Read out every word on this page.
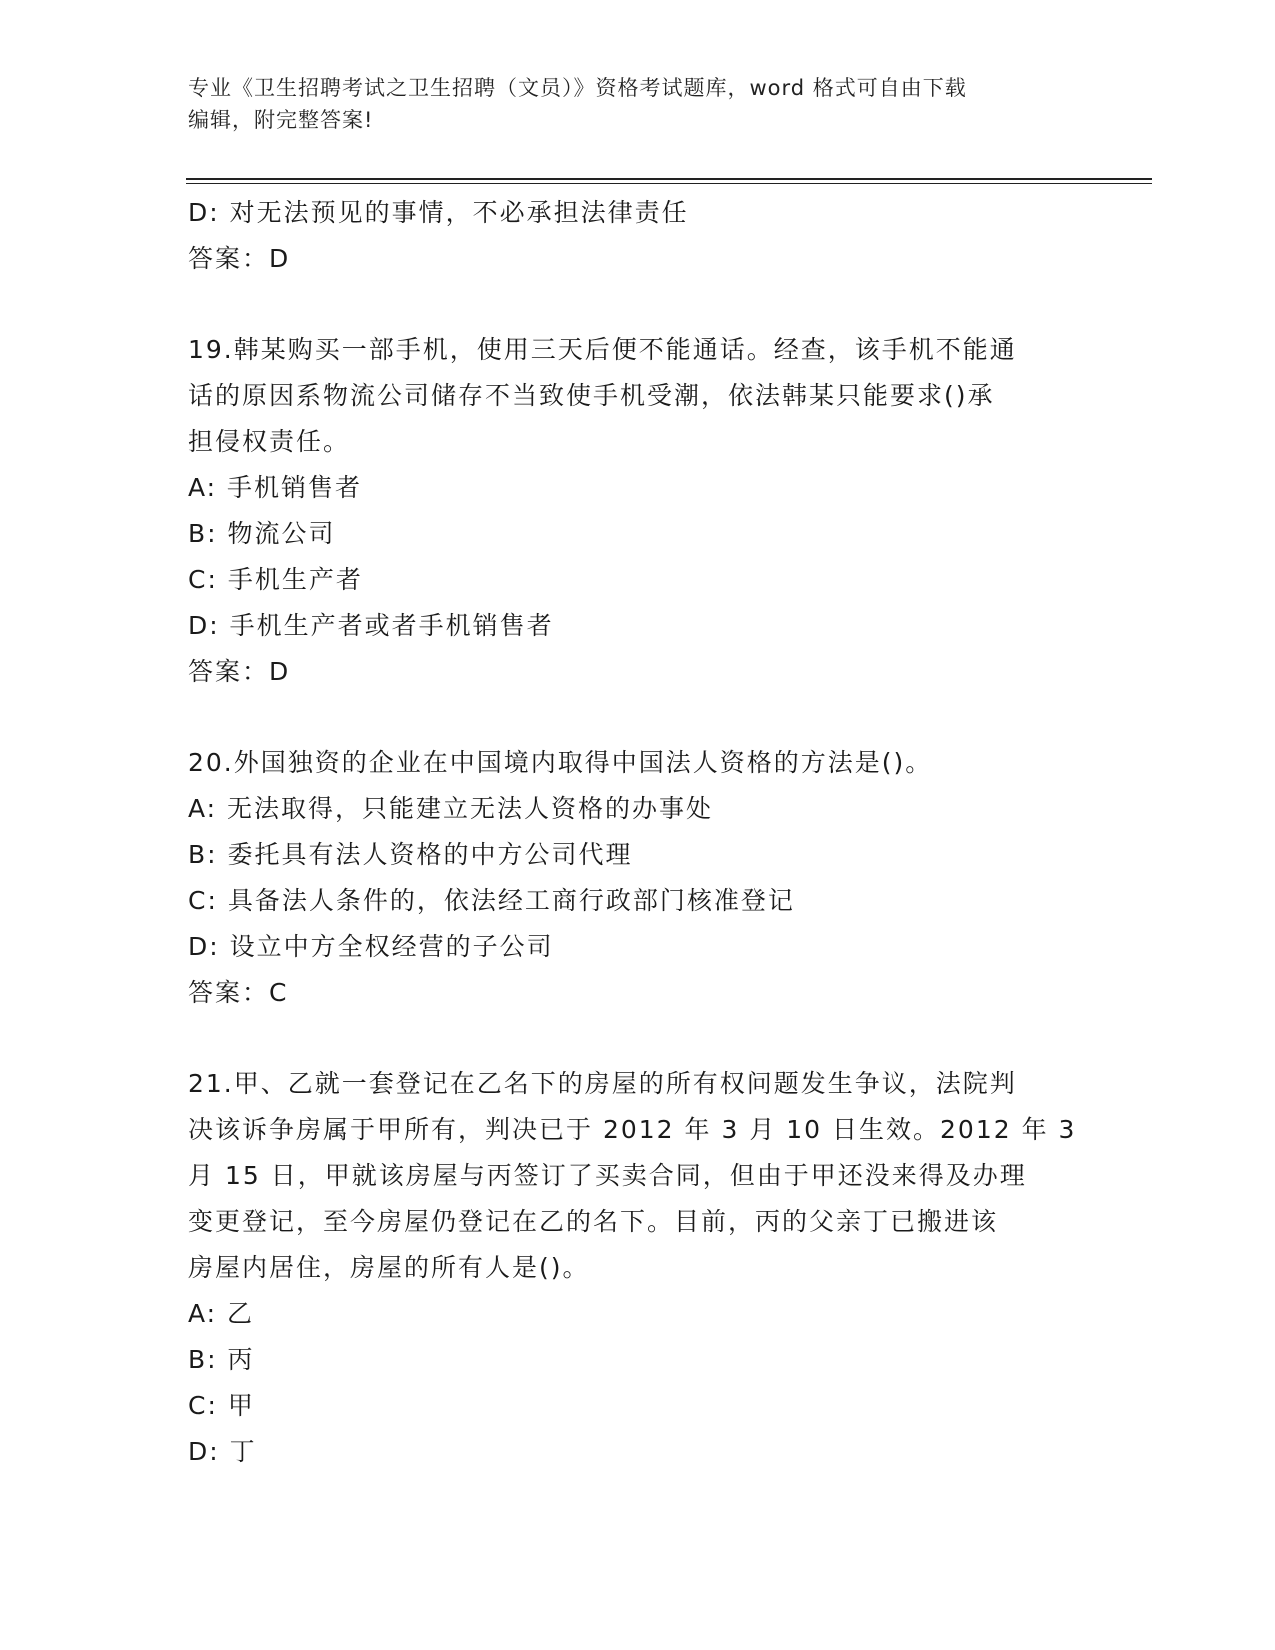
专业《卫生招聘考试之卫生招聘（文员）》资格考试题库，word 格式可自由下载
编辑，附完整答案!
D: 对无法预见的事情，不必承担法律责任
答案：D
19.韩某购买一部手机，使用三天后便不能通话。经查，该手机不能通
话的原因系物流公司储存不当致使手机受潮，依法韩某只能要求()承
担侵权责任。
A: 手机销售者
B: 物流公司
C: 手机生产者
D: 手机生产者或者手机销售者
答案：D
20.外国独资的企业在中国境内取得中国法人资格的方法是()。
A: 无法取得，只能建立无法人资格的办事处
B: 委托具有法人资格的中方公司代理
C: 具备法人条件的，依法经工商行政部门核准登记
D: 设立中方全权经营的子公司
答案：C
21.甲、乙就一套登记在乙名下的房屋的所有权问题发生争议，法院判
决该诉争房属于甲所有，判决已于 2012 年 3 月 10 日生效。2012 年 3
月 15 日，甲就该房屋与丙签订了买卖合同，但由于甲还没来得及办理
变更登记，至今房屋仍登记在乙的名下。目前，丙的父亲丁已搬进该
房屋内居住，房屋的所有人是()。
A: 乙
B: 丙
C: 甲
D: 丁
